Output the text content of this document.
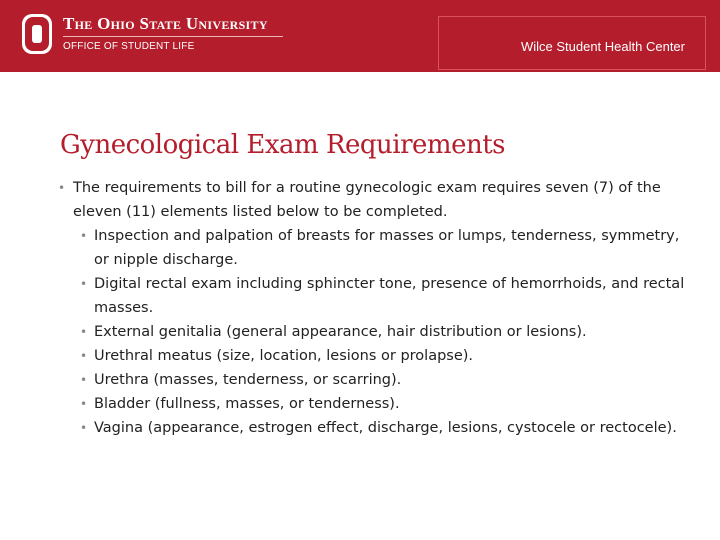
The Ohio State University
OFFICE OF STUDENT LIFE	Wilce Student Health Center
Gynecological Exam Requirements
• The requirements to bill for a routine gynecologic exam requires seven (7) of the eleven (11) elements listed below to be completed.
• Inspection and palpation of breasts for masses or lumps, tenderness, symmetry, or nipple discharge.
• Digital rectal exam including sphincter tone, presence of hemorrhoids, and rectal masses.
• External genitalia (general appearance, hair distribution or lesions).
• Urethral meatus (size, location, lesions or prolapse).
• Urethra (masses, tenderness, or scarring).
• Bladder (fullness, masses, or tenderness).
• Vagina (appearance, estrogen effect, discharge, lesions, cystocele or rectocele).
